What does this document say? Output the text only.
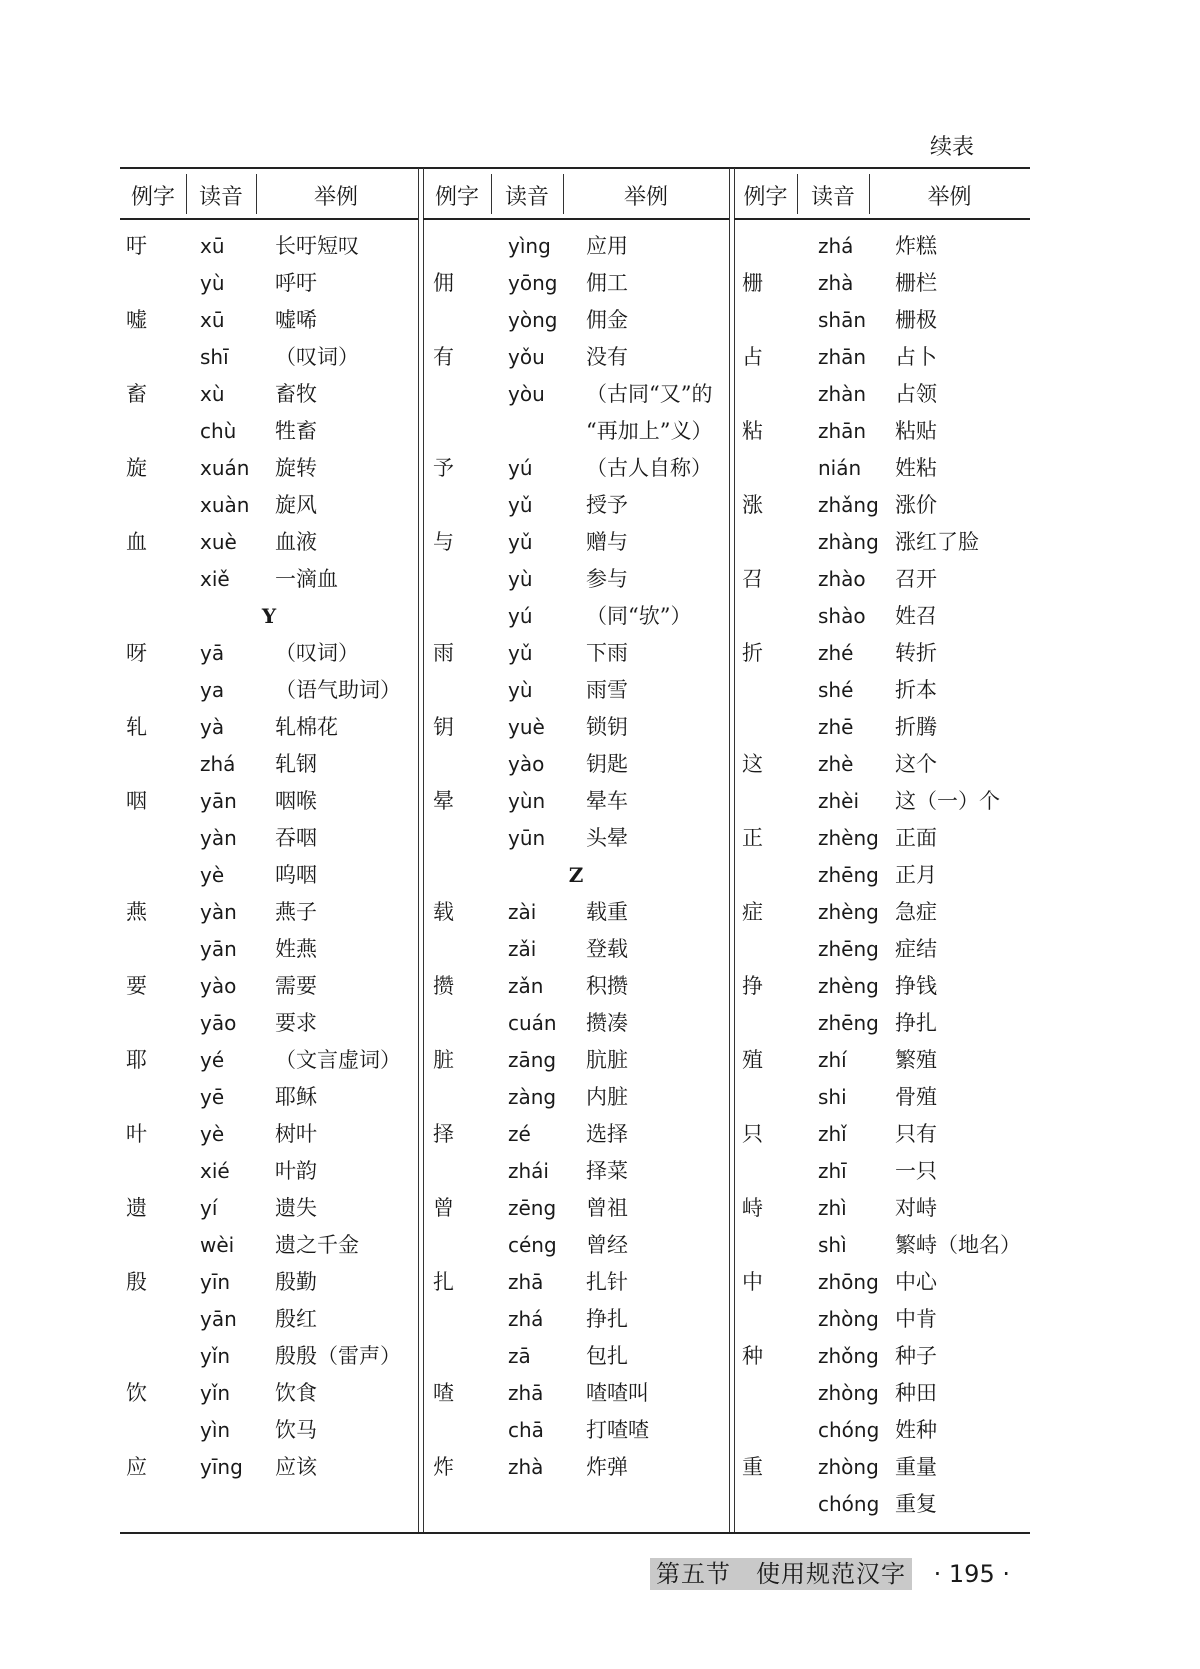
续表
例字	读音	举例
吁	xū 长吁短叹
yù 呼吁
嘘	xū 嘘唏
shī （叹词）
畜	xù 畜牧
chù 牲畜
旋	xuán 旋转
xuàn 旋风
血	xuè 血液
xiě 一滴血
Y
呀	yā （叹词）
ya （语气助词）
轧	yà 轧棉花
zhá 轧钢
咽	yān 咽喉
yàn 吞咽
yè 呜咽
燕	yàn 燕子
yān 姓燕
要	yào 需要
yāo 要求
耶	yé （文言虚词）
yē 耶稣
叶	yè 树叶
xié 叶韵
遗	yí	遗失
wèi 遗之千金
殷	yīn 殷勤
yān 殷红
yǐn 殷殷（雷声）
饮	yǐn 饮食
yìn 饮马
应	yīng 应该
例字	读音	举例
yìng 应用
佣	yōng 佣工
yòng 佣金
有	yǒu 没有
yòu （古同“又”的
“再加上”义）
予	yú	（古人自称）
yǔ	授予
与	yǔ	赠与
yù	参与
yú	（同“欤”）
雨	yǔ	下雨
yù	雨雪
钥	yuè 锁钥
yào 钥匙
晕	yùn 晕车
yūn 头晕
Z
载	zài 载重
zǎi 登载
攒	zǎn 积攒
cuán 攒凑
脏	zāng 肮脏
zàng 内脏
择	zé	选择
zhái 择菜
曾	zēng 曾祖
céng 曾经
扎	zhā 扎针
zhá 挣扎
zā	包扎
喳	zhā 喳喳叫
chā 打喳喳
炸	zhà 炸弹
例字	读音	举例
zhá 炸糕
栅	zhà 栅栏
shān 栅极
占	zhān 占卜
zhàn 占领
粘	zhān 粘贴
nián 姓粘
涨	zhǎng 涨价
zhàng 涨红了脸
召	zhào 召开
shào 姓召
折	zhé 转折
shé 折本
zhē 折腾
这	zhè 这个
zhèi 这（一）个
正	zhèng 正面
zhēng 正月
症	zhèng 急症
zhēng 症结
挣	zhèng 挣钱
zhēng 挣扎
殖	zhí 繁殖
shi 骨殖
只	zhǐ 只有
zhī 一只
峙	zhì 对峙
shì 繁峙（地名）
中	zhōng 中心
zhòng 中肯
种	zhǒng 种子
zhòng 种田
chóng 姓种
重	zhòng 重量
chóng 重复
第五节　使用规范汉字 · 195 ·
